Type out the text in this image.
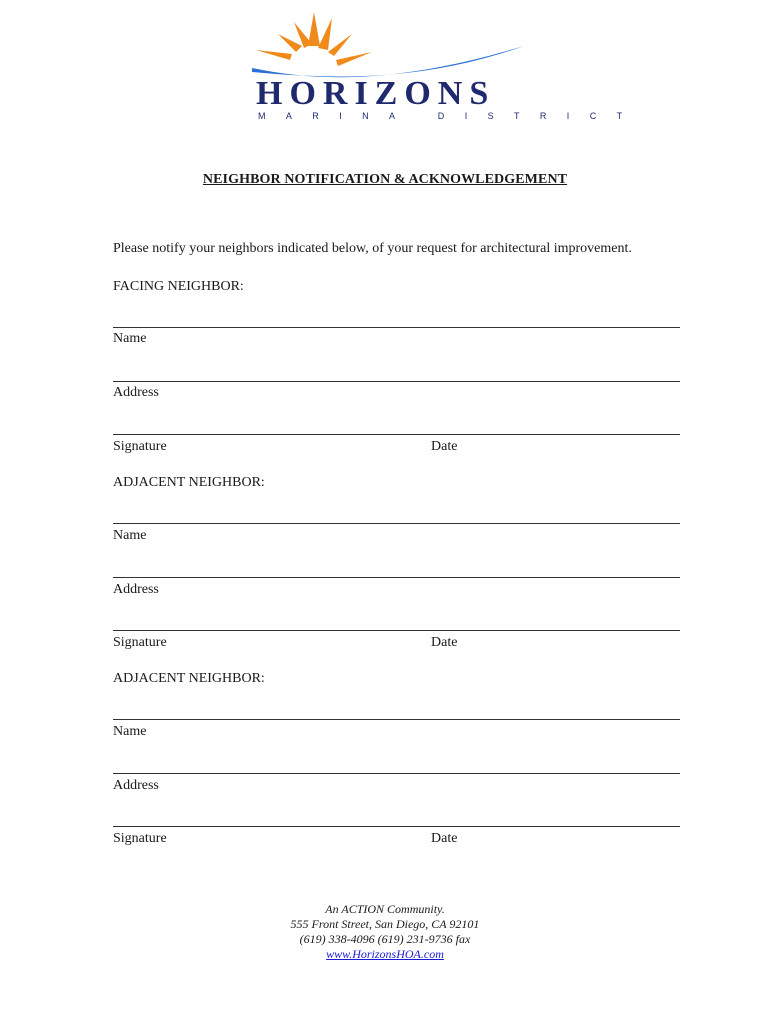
HORIZONS
MARINA DISTRICT
NEIGHBOR NOTIFICATION & ACKNOWLEDGEMENT
Please notify your neighbors indicated below, of your request for architectural improvement.
FACING NEIGHBOR:
Name
Address
Signature	Date
ADJACENT NEIGHBOR:
Name
Address
Signature	Date
ADJACENT NEIGHBOR:
Name
Address
Signature	Date
An ACTION Community.
555 Front Street, San Diego, CA 92101
(619) 338-4096 (619) 231-9736 fax
www.HorizonsHOA.com
